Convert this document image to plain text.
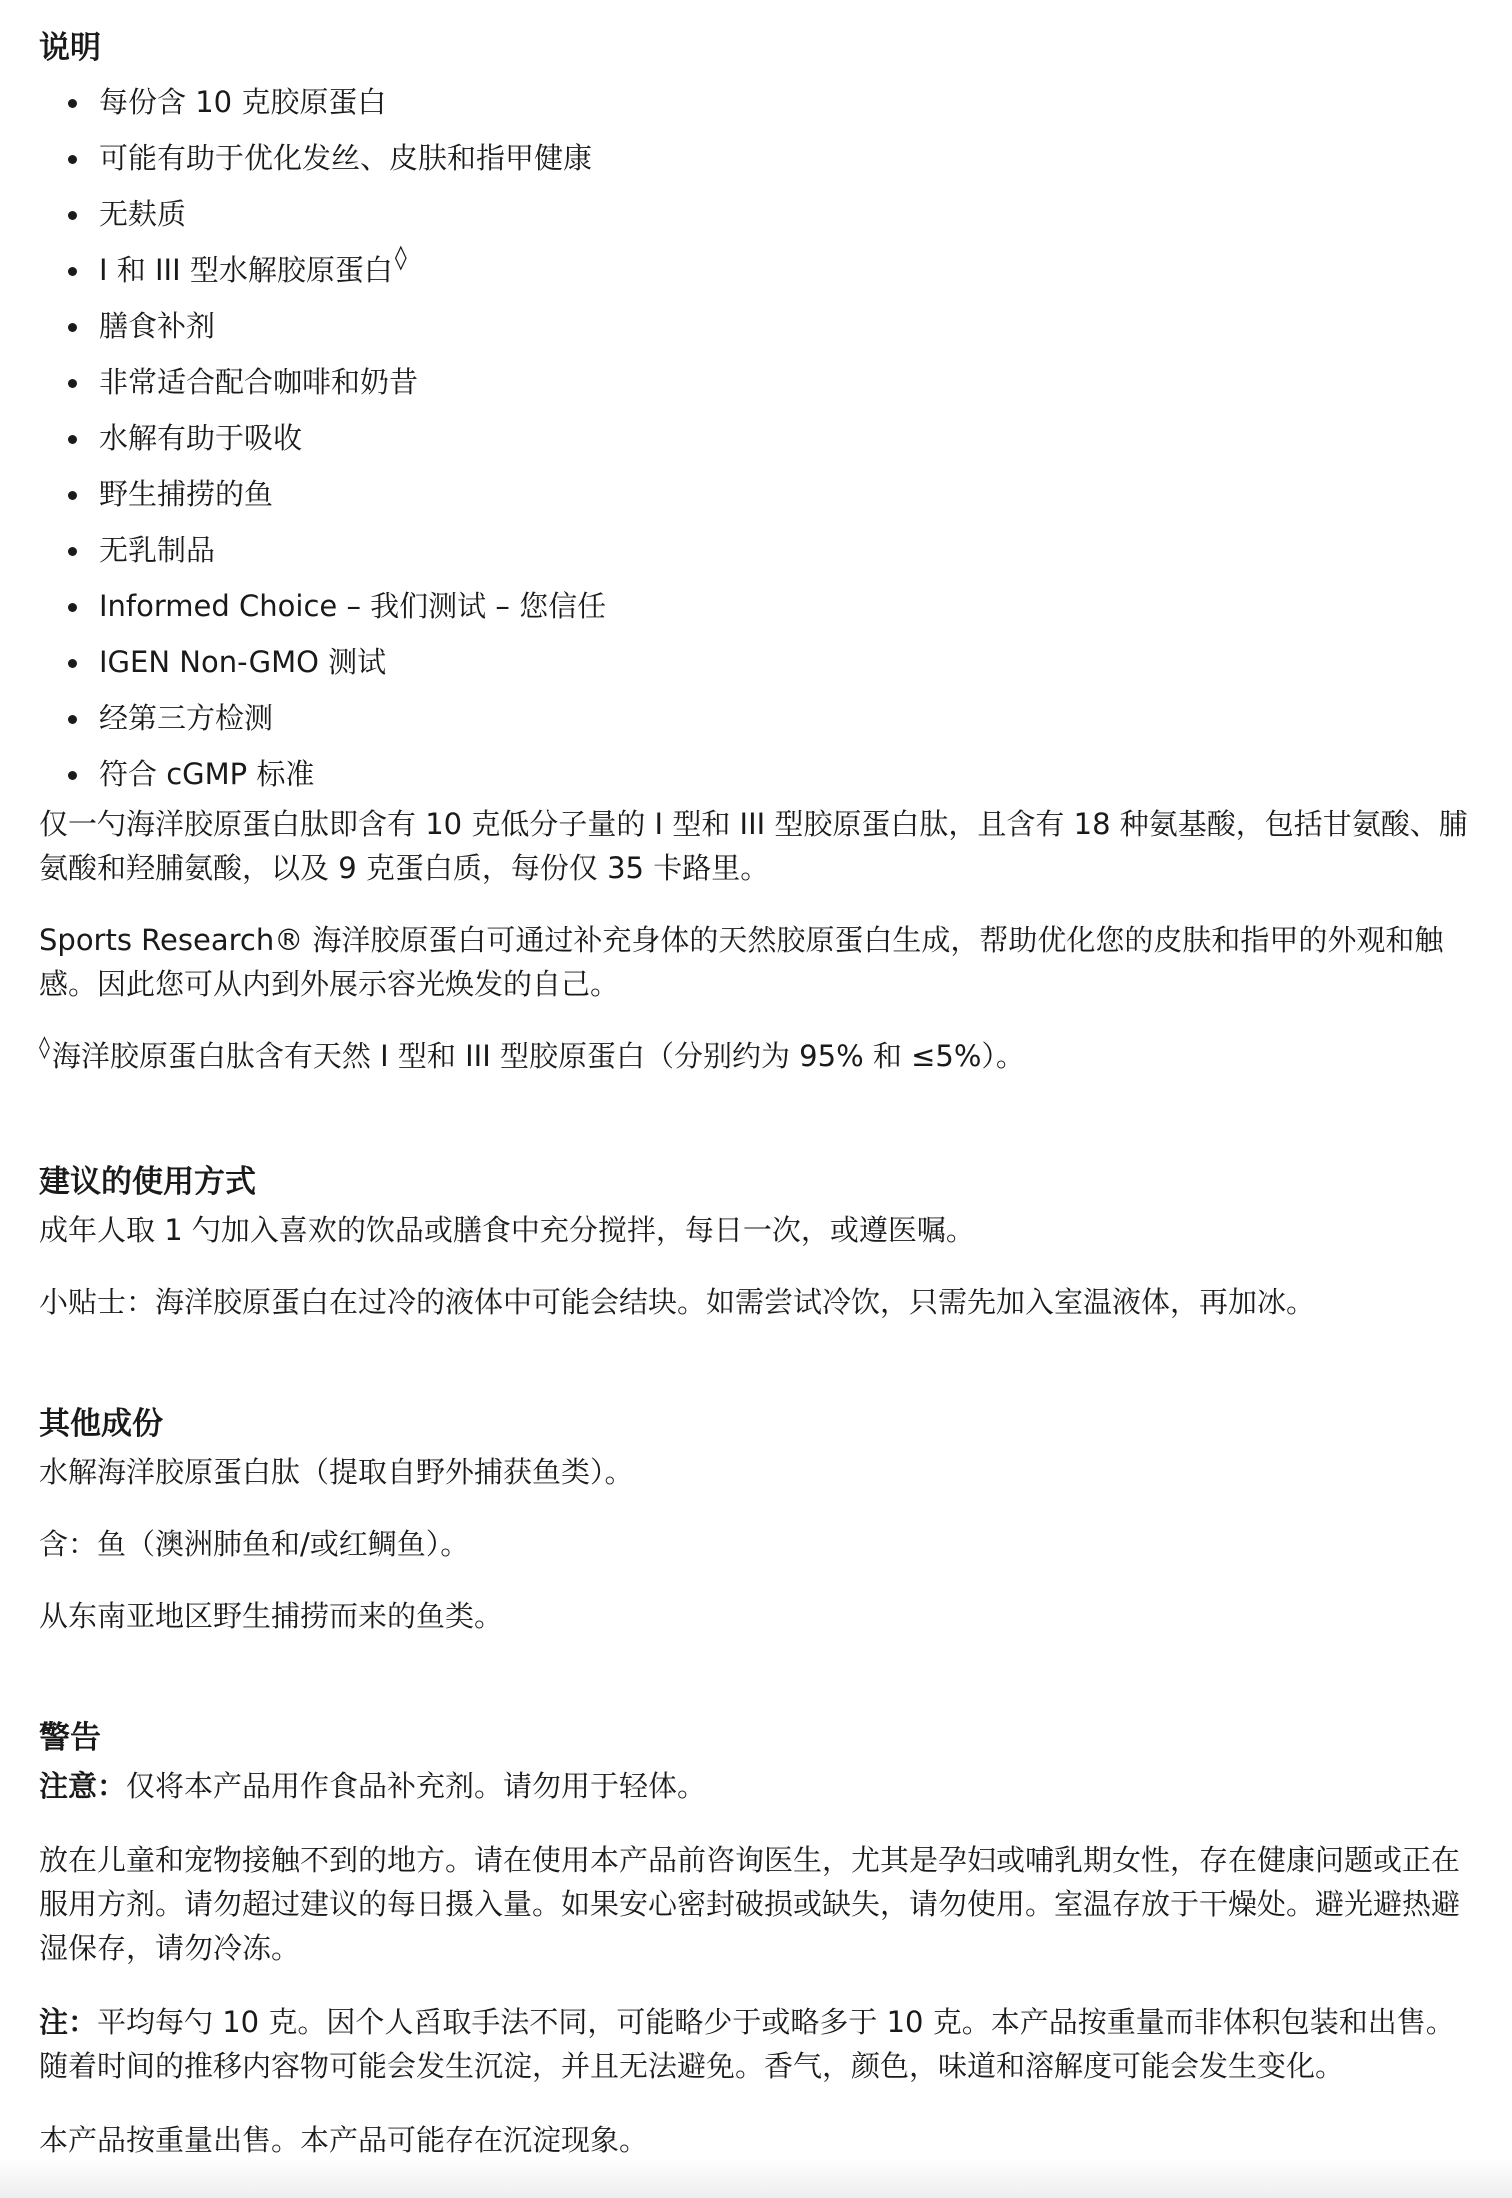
说明
每份含 10 克胶原蛋白
可能有助于优化发丝、皮肤和指甲健康
无麸质
I 和 III 型水解胶原蛋白◊
膳食补剂
非常适合配合咖啡和奶昔
水解有助于吸收
野生捕捞的鱼
无乳制品
Informed Choice – 我们测试 – 您信任
IGEN Non-GMO 测试
经第三方检测
符合 cGMP 标准

仅一勺海洋胶原蛋白肽即含有 10 克低分子量的 I 型和 III 型胶原蛋白肽，且含有 18 种氨基酸，包括甘氨酸、脯氨酸和羟脯氨酸，以及 9 克蛋白质，每份仅 35 卡路里。

Sports Research® 海洋胶原蛋白可通过补充身体的天然胶原蛋白生成，帮助优化您的皮肤和指甲的外观和触感。因此您可从内到外展示容光焕发的自己。

◊海洋胶原蛋白肽含有天然 I 型和 III 型胶原蛋白（分别约为 95% 和 ≤5%）。

建议的使用方式

成年人取 1 勺加入喜欢的饮品或膳食中充分搅拌，每日一次，或遵医嘱。

小贴士：海洋胶原蛋白在过冷的液体中可能会结块。如需尝试冷饮，只需先加入室温液体，再加冰。

其他成份

水解海洋胶原蛋白肽（提取自野外捕获鱼类）。

含：鱼（澳洲肺鱼和/或红鲷鱼）。

从东南亚地区野生捕捞而来的鱼类。

警告

注意：仅将本产品用作食品补充剂。请勿用于轻体。

放在儿童和宠物接触不到的地方。请在使用本产品前咨询医生，尤其是孕妇或哺乳期女性，存在健康问题或正在服用方剂。请勿超过建议的每日摄入量。如果安心密封破损或缺失，请勿使用。室温存放于干燥处。避光避热避湿保存，请勿冷冻。

注：平均每勺 10 克。因个人舀取手法不同，可能略少于或略多于 10 克。本产品按重量而非体积包装和出售。随着时间的推移内容物可能会发生沉淀，并且无法避免。香气，颜色，味道和溶解度可能会发生变化。

本产品按重量出售。本产品可能存在沉淀现象。
